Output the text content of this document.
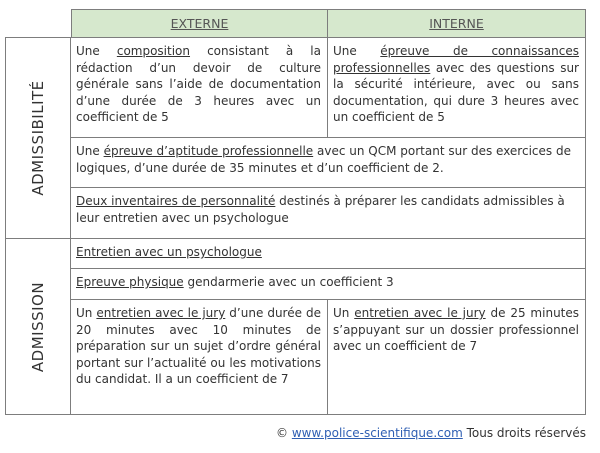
EXTERNE	INTERNE
ADMISSIBILITÉ
ADMISSION
Une composition consistant à la rédaction d’un devoir de culture générale sans l’aide de documentation d’une durée de 3 heures avec un coefficient de 5
Une épreuve de connaissances professionnelles avec des questions sur la sécurité intérieure, avec ou sans documentation, qui dure 3 heures avec un coefficient de 5
Une épreuve d’aptitude professionnelle avec un QCM portant sur des exercices de logiques, d’une durée de 35 minutes et d’un coefficient de 2.
Deux inventaires de personnalité destinés à préparer les candidats admissibles à leur entretien avec un psychologue
Entretien avec un psychologue
Epreuve physique gendarmerie avec un coefficient 3
Un entretien avec le jury d’une durée de 20 minutes avec 10 minutes de préparation sur un sujet d’ordre général portant sur l’actualité ou les motivations du candidat. Il a un coefficient de 7
Un entretien avec le jury de 25 minutes s’appuyant sur un dossier professionnel avec un coefficient de 7
© www.police-scientifique.com Tous droits réservés
